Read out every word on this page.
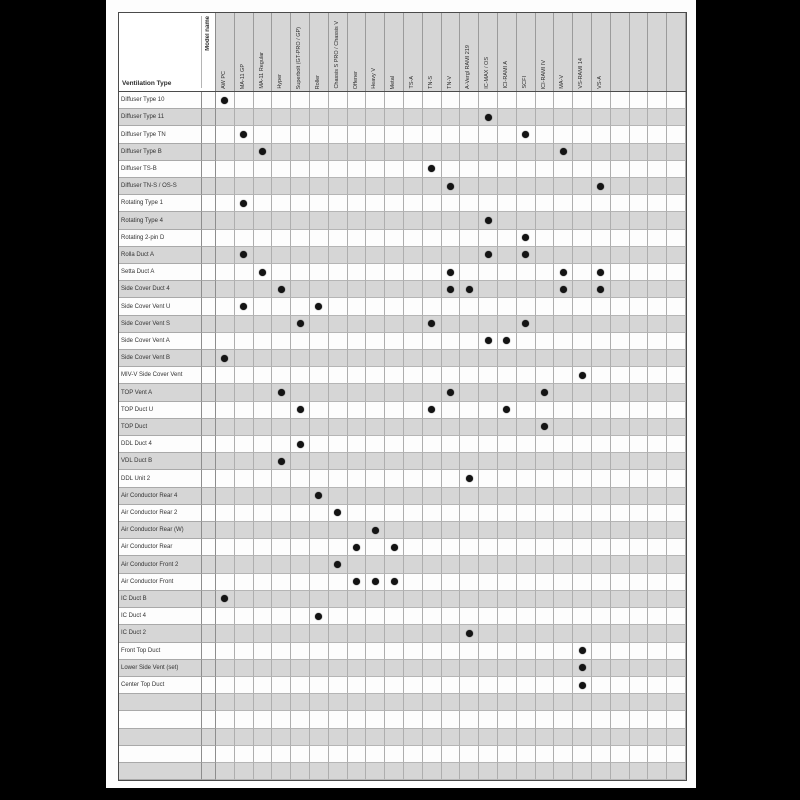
Ventilation Type
Model name
AW PC MA-11 GP MA-11 Regular Hyper Superbolt (GT-PRO / GP) Roller Chassis S PRO / Chassis V Offener Heavy V Metal TS-A TN-S TN-V A-Vergl RAMI 219 IC-MAX / OS ICI-RAMI A SCFI ICI-RAMI IV MA-V VS-RAMI 14 VS-A
Diffuser Type 10
Diffuser Type 11
Diffuser Type TN
Diffuser Type B
Diffuser TS-B
Diffuser TN-S / OS-S
Rotating Type 1
Rotating Type 4
Rotating 2-pin D
Rolla Duct A
Setta Duct A
Side Cover Duct 4
Side Cover Vent U
Side Cover Vent S
Side Cover Vent A
Side Cover Vent B
MIV-V Side Cover Vent
TOP Vent A
TOP Duct U
TOP Duct
DDL Duct 4
VDL Duct B
DDL Unit 2
Air Conductor Rear 4
Air Conductor Rear 2
Air Conductor Rear (W)
Air Conductor Rear
Air Conductor Front 2
Air Conductor Front
IC Duct B
IC Duct 4
IC Duct 2
Front Top Duct
Lower Side Vent (set)
Center Top Duct
